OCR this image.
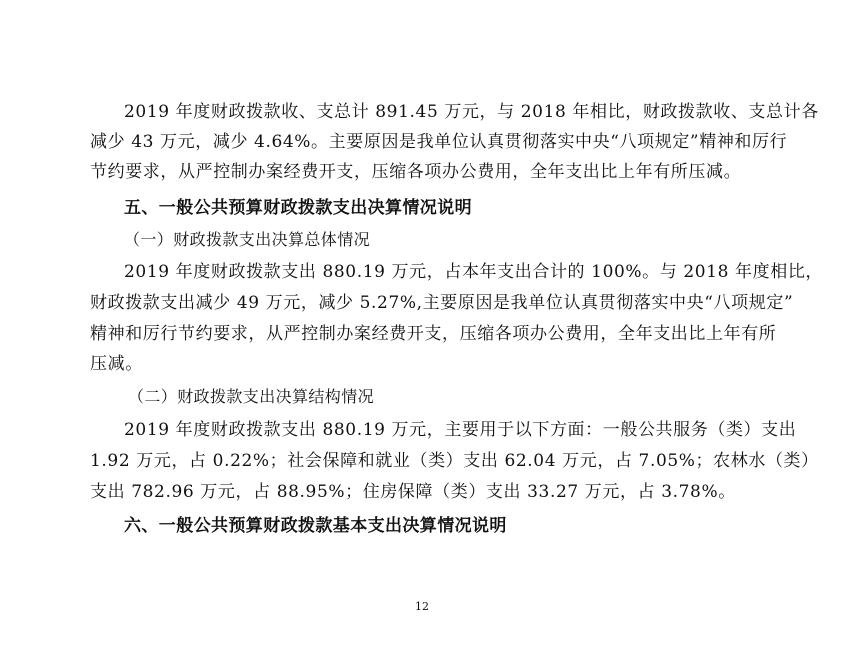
2019 年度财政拨款收、支总计 891.45 万元，与 2018 年相比，财政拨款收、支总计各
减少 43 万元，减少 4.64%。主要原因是我单位认真贯彻落实中央“八项规定”精神和厉行
节约要求，从严控制办案经费开支，压缩各项办公费用，全年支出比上年有所压减。
五、一般公共预算财政拨款支出决算情况说明
（一）财政拨款支出决算总体情况
2019 年度财政拨款支出 880.19 万元，占本年支出合计的 100%。与 2018 年度相比，
财政拨款支出减少 49 万元，减少 5.27%,主要原因是我单位认真贯彻落实中央“八项规定”
精神和厉行节约要求，从严控制办案经费开支，压缩各项办公费用，全年支出比上年有所
压减。
（二）财政拨款支出决算结构情况
2019 年度财政拨款支出 880.19 万元，主要用于以下方面：一般公共服务（类）支出
1.92 万元，占 0.22%；社会保障和就业（类）支出 62.04 万元，占 7.05%；农林水（类）
支出 782.96 万元，占 88.95%；住房保障（类）支出 33.27 万元，占 3.78%。
六、一般公共预算财政拨款基本支出决算情况说明
12
